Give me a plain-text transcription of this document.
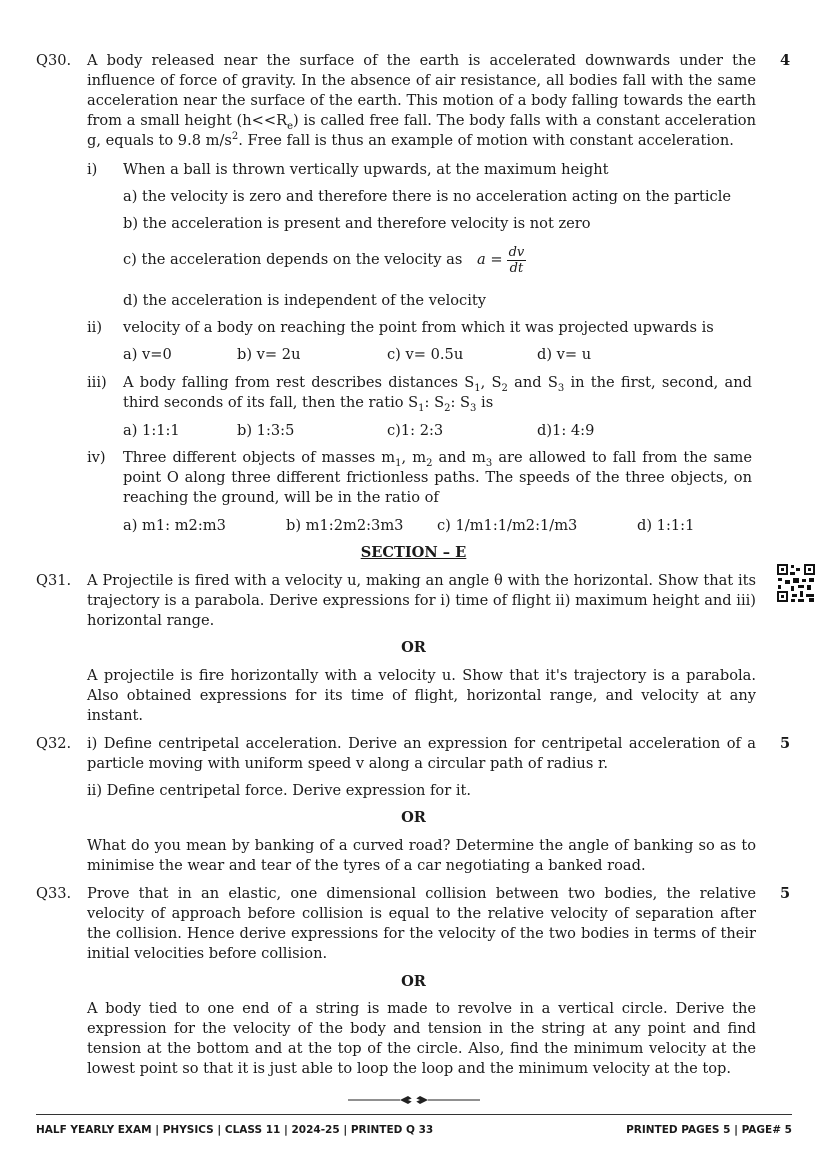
Q30. A body released near the surface of the earth is accelerated downwards under the influence of force of gravity. In the absence of air resistance, all bodies fall with the same acceleration near the surface of the earth. This motion of a body falling towards the earth from a small height $(h<<R_e)$ is called free fall. The body falls with a constant acceleration g, equals to 9.8 $m/s^2$. Free fall is thus an example of motion with constant acceleration.
4
i) When a ball is thrown vertically upwards, at the maximum height
a) the velocity is zero and therefore there is no acceleration acting on the particle
b) the acceleration is present and therefore velocity is not zero
c) the acceleration depends on the velocity as $a = \frac{dv}{dt}$
d) the acceleration is independent of the velocity
ii) velocity of a body on reaching the point from which it was projected upwards is
a) v=0	b) v= 2u	c) v= 0.5u	d) v= u
iii) A body falling from rest describes distances $S_1$, $S_2$ and $S_3$ in the first, second, and third seconds of its fall, then the ratio $S_1$: $S_2$: $S_3$ is
a) 1:1:1	b) 1:3:5	c)1: 2:3	d)1: 4:9
iv) Three different objects of masses $m_1$, $m_2$ and $m_3$ are allowed to fall from the same point O along three different frictionless paths. The speeds of the three objects, on reaching the ground, will be in the ratio of
a) m1: m2:m3	b) m1:2m2:3m3 c) 1/m1:1/m2:1/m3	d) 1:1:1
SECTION – E
Q31. A Projectile is fired with a velocity u, making an angle θ with the horizontal. Show that its trajectory is a parabola. Derive expressions for i) time of flight ii) maximum height and iii) horizontal range.
OR
A projectile is fire horizontally with a velocity u. Show that it's trajectory is a parabola. Also obtained expressions for its time of flight, horizontal range, and velocity at any instant.
Q32. i) Define centripetal acceleration. Derive an expression for centripetal acceleration of a particle moving with uniform speed v along a circular path of radius r.
5
ii) Define centripetal force. Derive expression for it.
OR
What do you mean by banking of a curved road? Determine the angle of banking so as to minimise the wear and tear of the tyres of a car negotiating a banked road.
Q33. Prove that in an elastic, one dimensional collision between two bodies, the relative velocity of approach before collision is equal to the relative velocity of separation after the collision. Hence derive expressions for the velocity of the two bodies in terms of their initial velocities before collision.
5
OR
A body tied to one end of a string is made to revolve in a vertical circle. Derive the expression for the velocity of the body and tension in the string at any point and find tension at the bottom and at the top of the circle. Also, find the minimum velocity at the lowest point so that it is just able to loop the loop and the minimum velocity at the top.
HALF YEARLY EXAM | PHYSICS | CLASS 11 | 2024-25 | PRINTED Q 33	PRINTED PAGES 5 | PAGE# 5
